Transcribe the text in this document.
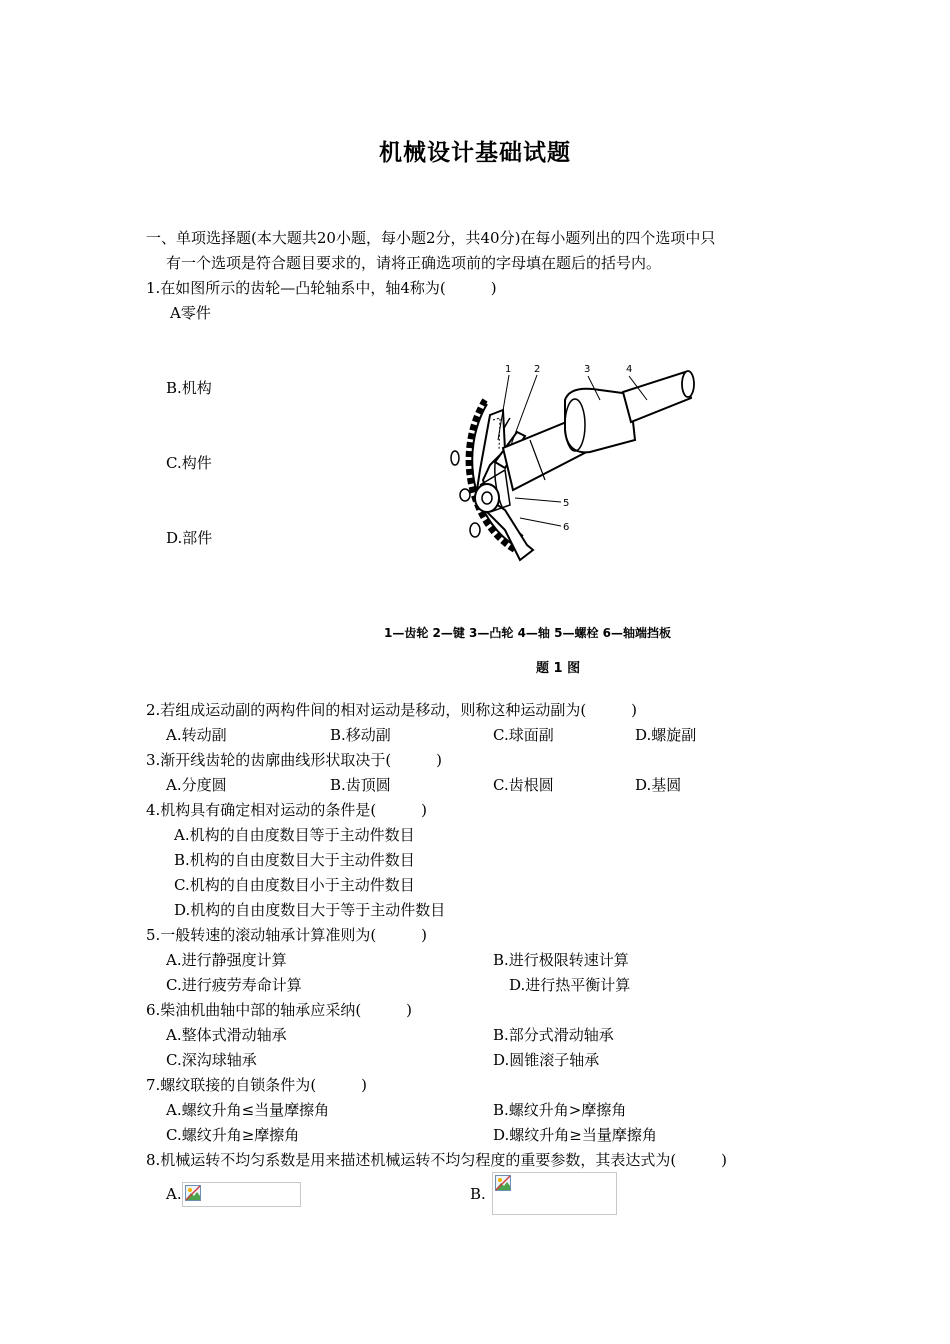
机械设计基础试题
一、单项选择题(本大题共20小题，每小题2分，共40分)在每小题列出的四个选项中只
有一个选项是符合题目要求的，请将正确选项前的字母填在题后的括号内。
1.在如图所示的齿轮—凸轮轴系中，轴4称为(　　　)
A零件
B.机构
C.构件
D.部件
1 2	3	4
5
6
1—齿轮 2—键 3—凸轮 4—轴 5—螺栓 6—轴端挡板
题 1 图
2.若组成运动副的两构件间的相对运动是移动，则称这种运动副为(　　　)
A.转动副	B.移动副	C.球面副	D.螺旋副
3.渐开线齿轮的齿廓曲线形状取决于(　　　)
A.分度圆	B.齿顶圆	C.齿根圆	D.基圆
4.机构具有确定相对运动的条件是(　　　)
A.机构的自由度数目等于主动件数目
B.机构的自由度数目大于主动件数目
C.机构的自由度数目小于主动件数目
D.机构的自由度数目大于等于主动件数目
5.一般转速的滚动轴承计算准则为(　　　)
A.进行静强度计算	B.进行极限转速计算
C.进行疲劳寿命计算	D.进行热平衡计算
6.柴油机曲轴中部的轴承应采纳(　　　)
A.整体式滑动轴承	B.部分式滑动轴承
C.深沟球轴承	D.圆锥滚子轴承
7.螺纹联接的自锁条件为(　　　)
A.螺纹升角≤当量摩擦角	B.螺纹升角>摩擦角
C.螺纹升角≥摩擦角	D.螺纹升角≥当量摩擦角
8.机械运转不均匀系数是用来描述机械运转不均匀程度的重要参数，其表达式为(　　　)
A.	B.
